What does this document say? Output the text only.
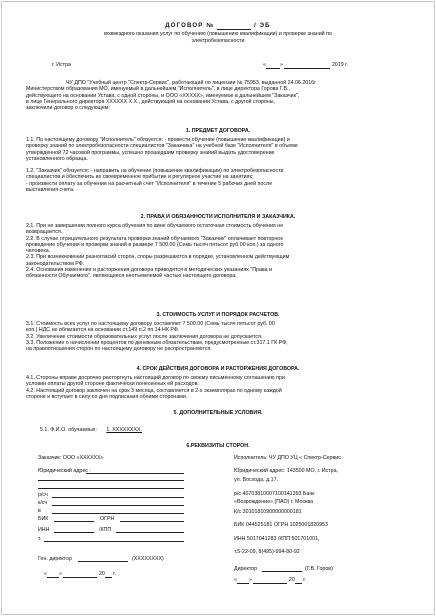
ДОГОВОР №	/ ЭБ
возмездного оказания услуг по обучению (повышению квалификации) и проверке знаний по
электробезопасности
г. Истра	«	»	2019 г.
ЧУ ДПО "Учебный центр "Спектр-Сервис", работающий по лицензии № 75953, выданной 24.06.2016г
Министерством образования МО, именуемый в дальнейшем "Исполнитель", в лице директора Горова Г.В.,
действующего на основании Устава, с одной стороны, и ООО «ХХХХХ», именуемое в дальнейшем "Заказчик",
в лице Генерального директора ХХХХХХ Х.Х., действующей на основании Устава, с другой стороны,
заключили договор о следующем:
1. ПРЕДМЕТ ДОГОВОРА.
1.1. По настоящему договору "Исполнитель" обязуется: - провести обучение (повышение квалификации) и
проверку знаний по электробезопасности специалистов "Заказчика" на учебной базе "Исполнителя" в объеме
утвержденной 72 часовой программы, успешно прошедшим проверку знаний выдать удостоверение
установленного образца.
1.2. "Заказчик" обязуется: - направить на обучение (повышение квалификации) по электробезопасности
специалистов и обеспечить их своевременное прибытие и регулярное участие на занятиях;
- произвести оплату за обучение на расчетный счет "Исполнителя" в течение 5 рабочих дней после
выставления счета.
2. ПРАВА И ОБЯЗАННОСТИ ИСПОЛНИТЕЛЯ И ЗАКАЗЧИКА.
2.1. При не завершении полного курса обучения по вине обучаемого остаточная стоимость обучения не
возвращается.
2.2. В случае отрицательного результата проверки знаний обучаемого "Заказчик" оплачивает повторное
проведение обучения и проверки знаний в размере 7 500.00 (Семь тысяч пятьсот руб.00 коп.) за одного
человека.
2.3. При возникновении разногласий сторон, споры разрешаются в порядке, установленном действующим
законодательством РФ.
2.4. Основания изменения и расторжения договора приводятся в методических указаниях "Права и
обязанности Обучаемого", являющиеся неотъемлемой частью настоящего договора.
3. СТОИМОСТЬ УСЛУГ И ПОРЯДОК РАСЧЕТОВ.
3.1. Стоимость всех услуг по настоящему договору составляет 7 500.00 (Семь тысяч пятьсот руб. 00
коп.) НДС не облагается на основании ст.149 п.2 пп.14 НК РФ.
3.2. Увеличение стоимости образовательных услуг после заключения договора не допускается.
3.3. Положение о начислении процентов по денежным обязательствам, предусмотренные ст.317.1 ГК РФ,
на правоотношения сторон по настоящему договору не распространяются.
4. СРОК ДЕЙСТВИЯ ДОГОВОРА И РАСТОРЖЕНИЯ ДОГОВОРА.
4.1. Стороны вправе досрочно расторгнуть настоящий договор по своему письменному соглашению при
условии оплаты другой стороне фактически понесенных ей расходов.
4.2. Настоящий договор заключен на срок 3 месяца, составляется в 2-х экземплярах по одному каждой
стороне и вступает в силу со дня подписания обеими сторонами.
5. ДОПОЛНИТЕЛЬНЫЕ УСЛОВИЯ.
5.1. Ф.И.О. обучаемых: 1. ХХХХХХХХ.
6.РЕКВИЗИТЫ СТОРОН.
Заказчик: ООО «ХХХХХХ»
Юридический адрес :
р/сч
к/сч
в
БИК	ОГРН
ИНН	/КПП
т.
Ген. директор	(ХХХХХХХХ)
« »	20 г.
Исполнитель: ЧУ ДПО УЦ « Спектр-Сервис
Юридический адрес: 143500 МО, г. Истра,
ул. Восхода, д.17.
р/с 40703810007100141393 Банк
«Возрождение» (ПАО) г. Москва
К/с 30101810900000000181
БИК 044525181 ОГРН 1025001820953
ИНН 5017041283 /КПП 501701001,
т.5-22-09, 8(495)-994-80-92
Директор	(Г.В. Горов)
« »	20 г.
